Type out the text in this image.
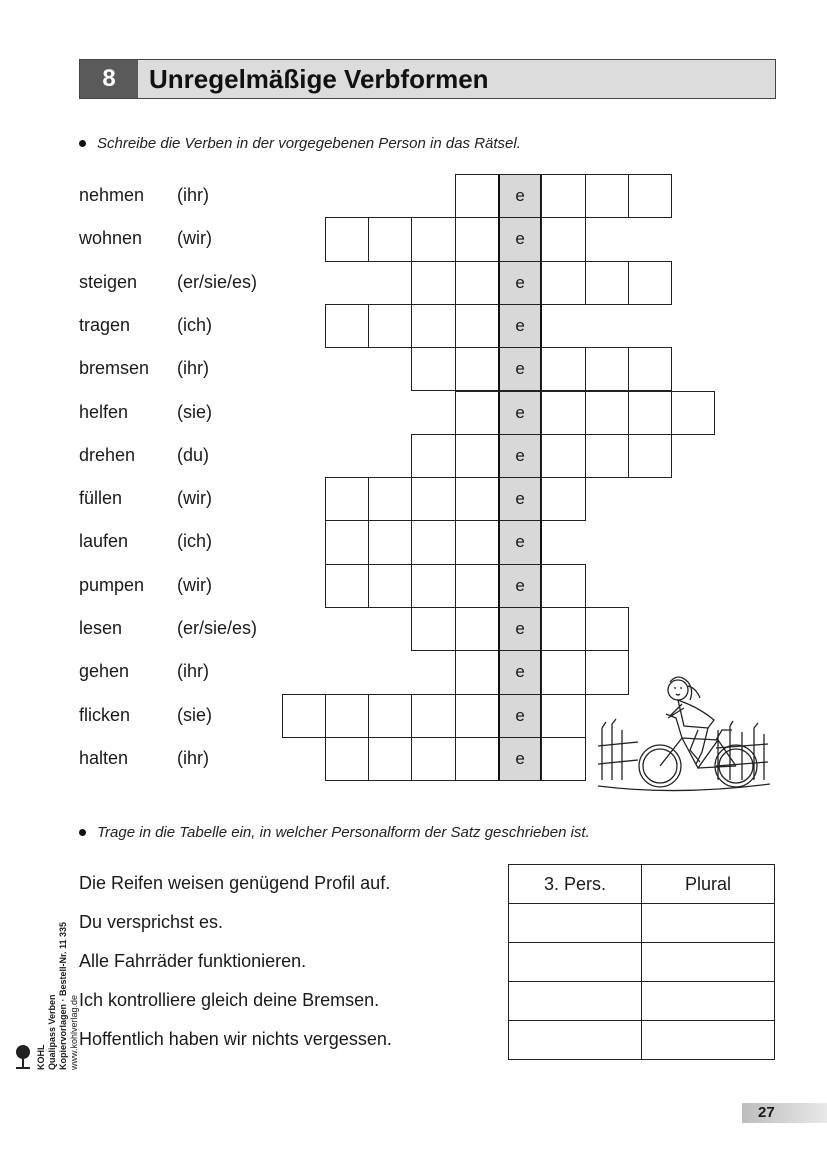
8	Unregelmäßige Verbformen
Schreibe die Verben in der vorgegebenen Person in das Rätsel.
nehmen (ihr)	e
wohnen (wir)	e
steigen (er/sie/es)	e
tragen	(ich)	e
bremsen (ihr)	e
helfen	(sie)	e
drehen (du)	e
füllen	(wir)	e
laufen	(ich)	e
pumpen (wir)	e
lesen	(er/sie/es)	e
gehen	(ihr)	e
flicken	(sie)	e
halten	(ihr)	e
Trage in die Tabelle ein, in welcher Personalform der Satz geschrieben ist.
Die Reifen weisen genügend Profil auf.
Du versprichst es.
Alle Fahrräder funktionieren.
Ich kontrolliere gleich deine Bremsen.
Hoffentlich haben wir nichts vergessen.
3. Pers.	Plural

KOHL Qualipass Verben Kopiervorlagen · Bestell-Nr. 11 335 www.kohlverlag.de
27
